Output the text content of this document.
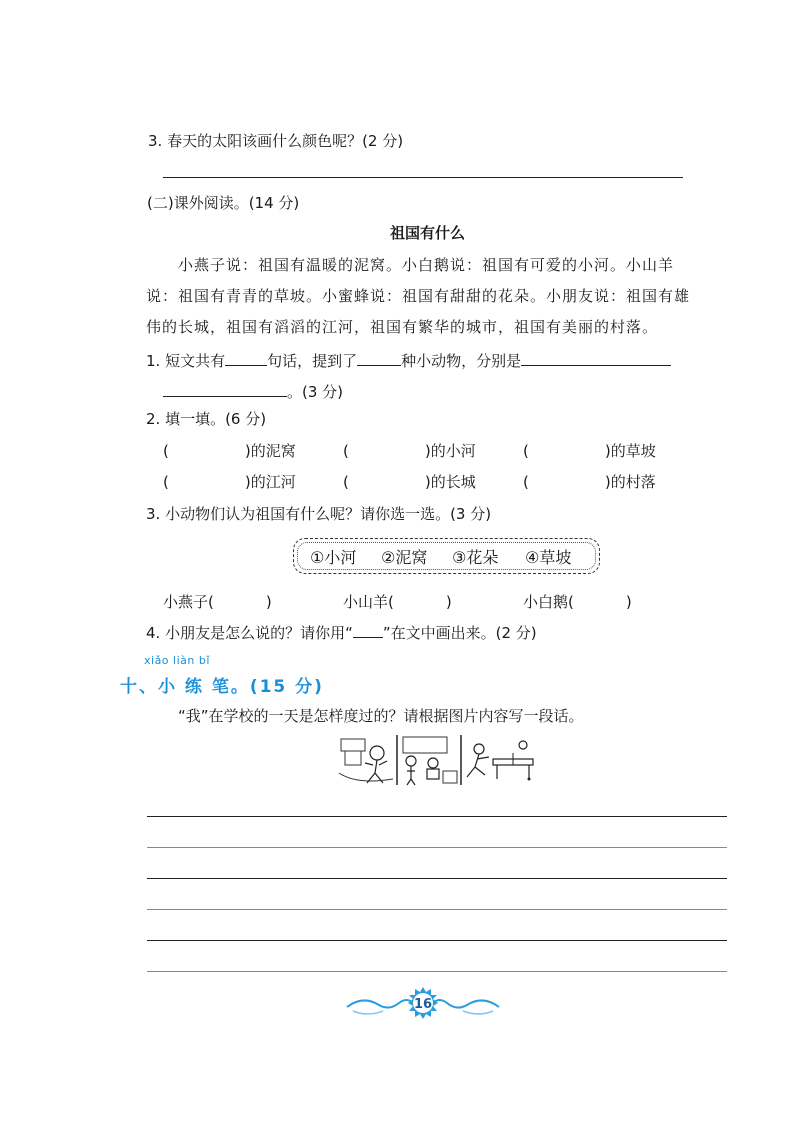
3. 春天的太阳该画什么颜色呢？(2 分)
(二)课外阅读。(14 分)
祖国有什么
小燕子说：祖国有温暖的泥窝。小白鹅说：祖国有可爱的小河。小山羊
说：祖国有青青的草坡。小蜜蜂说：祖国有甜甜的花朵。小朋友说：祖国有雄
伟的长城，祖国有滔滔的江河，祖国有繁华的城市，祖国有美丽的村落。
1. 短文共有	句话，提到了	种小动物，分别是
。(3 分)
2. 填一填。(6 分)
(	)的泥窝	(	)的小河	(	)的草坡
(	)的江河	(	)的长城	(	)的村落
3. 小动物们认为祖国有什么呢？请你选一选。(3 分)
①小河 ②泥窝 ③花朵 ④草坡
小燕子(	)	小山羊(	)	小白鹅(	)
4. 小朋友是怎么说的？请你用“ ”在文中画出来。(2 分)
xiǎo liàn bǐ
十、小 练 笔。(15 分)
“我”在学校的一天是怎样度过的？请根据图片内容写一段话。
16
